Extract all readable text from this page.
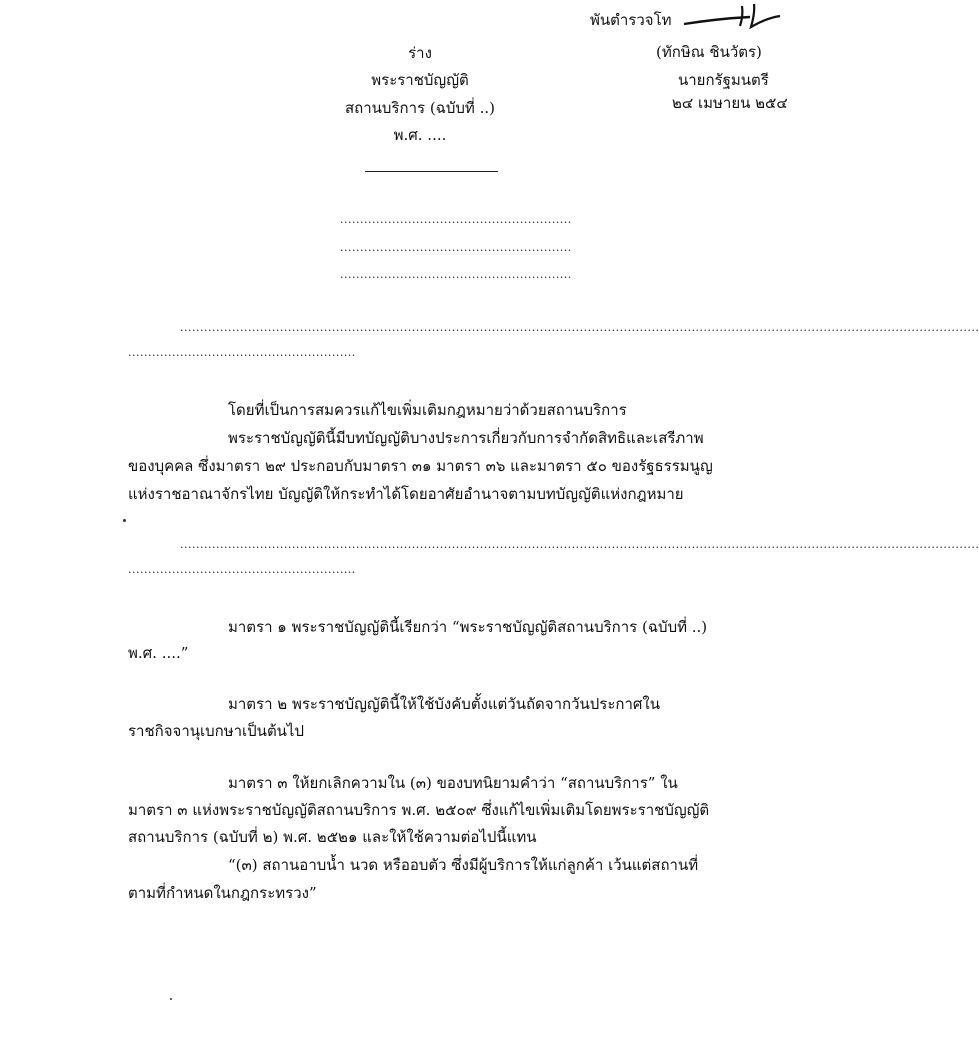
พันตำรวจโท
(ทักษิณ ชินวัตร)
นายกรัฐมนตรี
๒๔ เมษายน ๒๕๔
ร่าง
พระราชบัญญัติ
สถานบริการ (ฉบับที่ ..)
พ.ศ. ....
..........................................................
..........................................................
..........................................................
........................................................................................................................................................................................................
.........................................................
โดยที่เป็นการสมควรแก้ไขเพิ่มเติมกฎหมายว่าด้วยสถานบริการ
พระราชบัญญัตินี้มีบทบัญญัติบางประการเกี่ยวกับการจำกัดสิทธิและเสรีภาพ
ของบุคคล ซึ่งมาตรา ๒๙ ประกอบกับมาตรา ๓๑ มาตรา ๓๖ และมาตรา ๕๐ ของรัฐธรรมนูญ
แห่งราชอาณาจักรไทย บัญญัติให้กระทำได้โดยอาศัยอำนาจตามบทบัญญัติแห่งกฎหมาย
........................................................................................................................................................................................................
.........................................................
มาตรา ๑ พระราชบัญญัตินี้เรียกว่า “พระราชบัญญัติสถานบริการ (ฉบับที่ ..)
พ.ศ. ....”
มาตรา ๒ พระราชบัญญัตินี้ให้ใช้บังคับตั้งแต่วันถัดจากวันประกาศใน
ราชกิจจานุเบกษาเป็นต้นไป
มาตรา ๓ ให้ยกเลิกความใน (๓) ของบทนิยามคำว่า “สถานบริการ” ใน
มาตรา ๓ แห่งพระราชบัญญัติสถานบริการ พ.ศ. ๒๕๐๙ ซึ่งแก้ไขเพิ่มเติมโดยพระราชบัญญัติ
สถานบริการ (ฉบับที่ ๒) พ.ศ. ๒๕๒๑ และให้ใช้ความต่อไปนี้แทน
“(๓) สถานอาบน้ำ นวด หรืออบตัว ซึ่งมีผู้บริการให้แก่ลูกค้า เว้นแต่สถานที่
ตามที่กำหนดในกฎกระทรวง”
